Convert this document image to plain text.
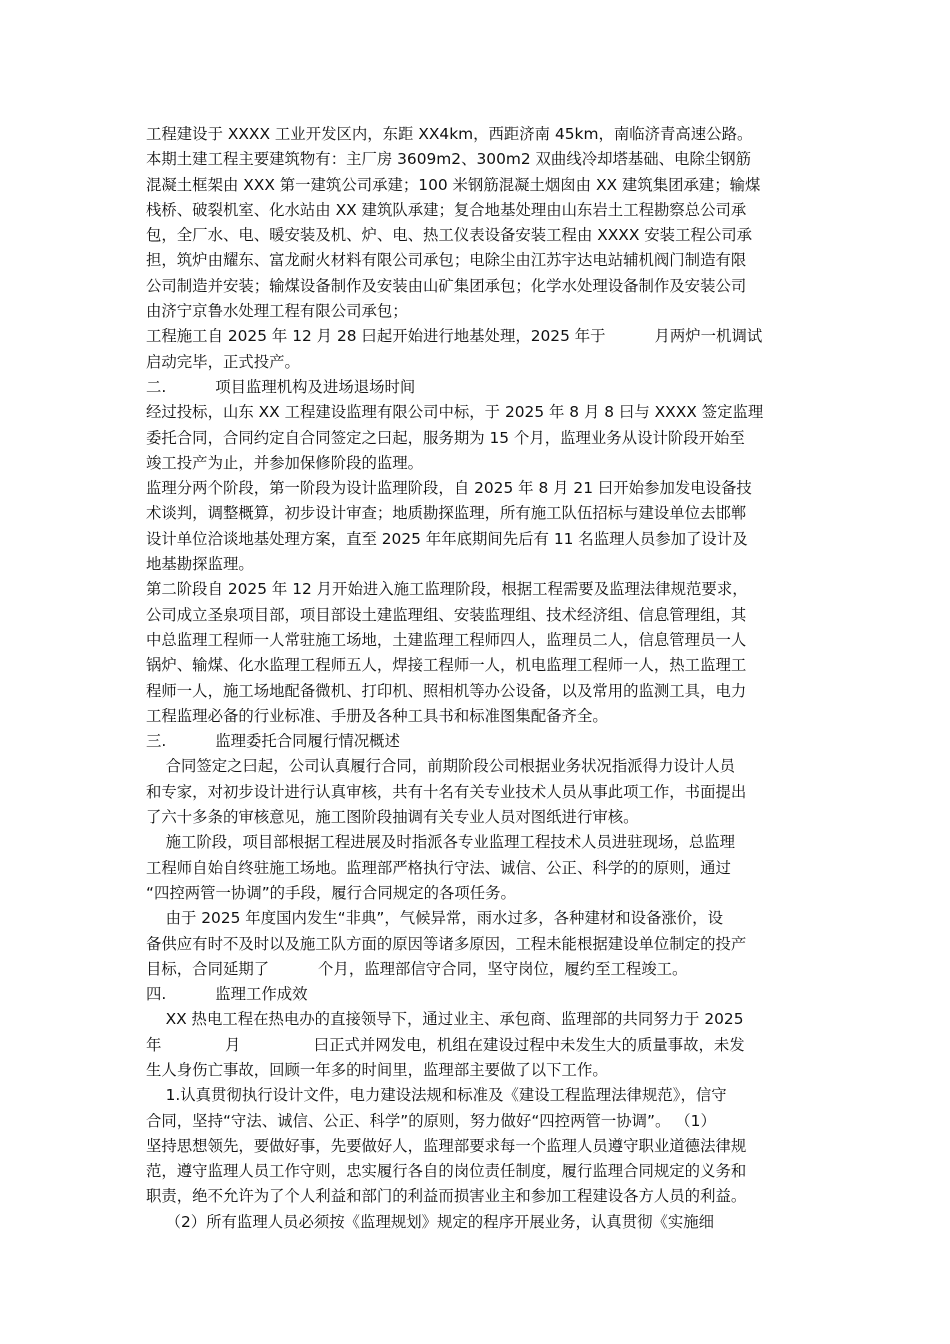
工程建设于 XXXX 工业开发区内，东距 XX4km，西距济南 45km，南临济青高速公路。
本期土建工程主要建筑物有：主厂房 3609m2、300m2 双曲线冷却塔基础、电除尘钢筋
混凝土框架由 XXX 第一建筑公司承建；100 米钢筋混凝土烟囱由 XX 建筑集团承建；输煤
栈桥、破裂机室、化水站由 XX 建筑队承建；复合地基处理由山东岩土工程勘察总公司承
包，全厂水、电、暖安装及机、炉、电、热工仪表设备安装工程由 XXXX 安装工程公司承
担，筑炉由耀东、富龙耐火材料有限公司承包；电除尘由江苏宇达电站辅机阀门制造有限
公司制造并安装；输煤设备制作及安装由山矿集团承包；化学水处理设备制作及安装公司
由济宁京鲁水处理工程有限公司承包；
工程施工自 2025 年 12 月 28 曰起开始进行地基处理，2025 年于          月两炉一机调试
启动完毕，正式投产。
二.          项目监理机构及进场退场时间
经过投标，山东 XX 工程建设监理有限公司中标，于 2025 年 8 月 8 曰与 XXXX 签定监理
委托合同，合同约定自合同签定之曰起，服务期为 15 个月，监理业务从设计阶段开始至
竣工投产为止，并参加保修阶段的监理。
监理分两个阶段，第一阶段为设计监理阶段，自 2025 年 8 月 21 曰开始参加发电设备技
术谈判，调整概算，初步设计审查；地质勘探监理，所有施工队伍招标与建设单位去邯郸
设计单位洽谈地基处理方案，直至 2025 年年底期间先后有 11 名监理人员参加了设计及
地基勘探监理。
第二阶段自 2025 年 12 月开始进入施工监理阶段，根据工程需要及监理法律规范要求，
公司成立圣泉项目部，项目部设土建监理组、安装监理组、技术经济组、信息管理组，其
中总监理工程师一人常驻施工场地，土建监理工程师四人，监理员二人，信息管理员一人
锅炉、输煤、化水监理工程师五人，焊接工程师一人，机电监理工程师一人，热工监理工
程师一人，施工场地配备微机、打印机、照相机等办公设备，以及常用的监测工具，电力
工程监理必备的行业标准、手册及各种工具书和标准图集配备齐全。
三.          监理委托合同履行情况概述
合同签定之曰起，公司认真履行合同，前期阶段公司根据业务状况指派得力设计人员
和专家，对初步设计进行认真审核，共有十名有关专业技术人员从事此项工作，书面提出
了六十多条的审核意见，施工图阶段抽调有关专业人员对图纸进行审核。
施工阶段，项目部根据工程进展及时指派各专业监理工程技术人员进驻现场，总监理
工程师自始自终驻施工场地。监理部严格执行守法、诚信、公正、科学的的原则，通过
“四控两管一协调”的手段，履行合同规定的各项任务。
由于 2025 年度国内发生“非典”，气候异常，雨水过多，各种建材和设备涨价，设
备供应有时不及时以及施工队方面的原因等诸多原因，工程未能根据建设单位制定的投产
目标，合同延期了          个月，监理部信守合同，坚守岗位，履约至工程竣工。
四.          监理工作成效
XX 热电工程在热电办的直接领导下，通过业主、承包商、监理部的共同努力于 2025
年             月               曰正式并网发电，机组在建设过程中未发生大的质量事故，未发
生人身伤亡事故，回顾一年多的时间里，监理部主要做了以下工作。
1.认真贯彻执行设计文件，电力建设法规和标准及《建设工程监理法律规范》，信守
合同，坚持“守法、诚信、公正、科学”的原则，努力做好“四控两管一协调”。 （1）
坚持思想领先，要做好事，先要做好人，监理部要求每一个监理人员遵守职业道德法律规
范，遵守监理人员工作守则，忠实履行各自的岗位责任制度，履行监理合同规定的义务和
职责，绝不允许为了个人利益和部门的利益而损害业主和参加工程建设各方人员的利益。
（2）所有监理人员必须按《监理规划》规定的程序开展业务，认真贯彻《实施细
